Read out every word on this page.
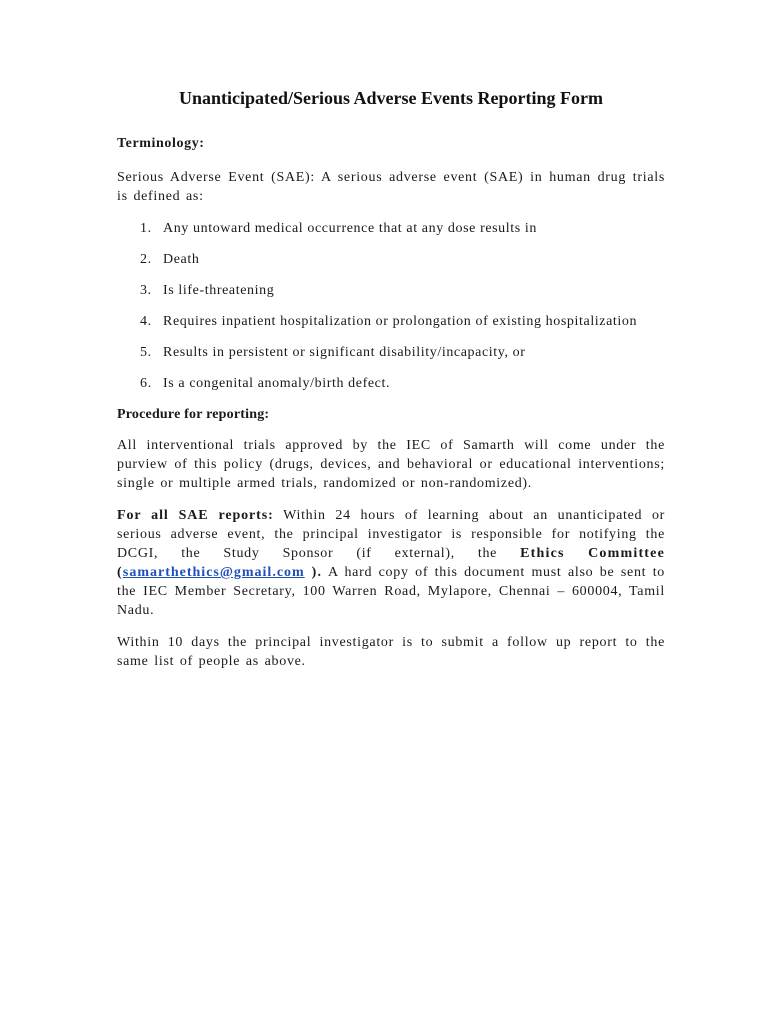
Unanticipated/Serious Adverse Events Reporting Form
Terminology:

Serious Adverse Event (SAE): A serious adverse event (SAE) in human drug trials is defined as:

1. Any untoward medical occurrence that at any dose results in
2. Death
3. Is life-threatening
4. Requires inpatient hospitalization or prolongation of existing hospitalization
5. Results in persistent or significant disability/incapacity, or
6. Is a congenital anomaly/birth defect.
Procedure for reporting:

All interventional trials approved by the IEC of Samarth will come under the purview of this policy (drugs, devices, and behavioral or educational interventions; single or multiple armed trials, randomized or non-randomized).

For all SAE reports: Within 24 hours of learning about an unanticipated or serious adverse event, the principal investigator is responsible for notifying the DCGI, the Study Sponsor (if external), the Ethics Committee (samarthethics@gmail.com ). A hard copy of this document must also be sent to the IEC Member Secretary, 100 Warren Road, Mylapore, Chennai – 600004, Tamil Nadu.

Within 10 days the principal investigator is to submit a follow up report to the same list of people as above.
